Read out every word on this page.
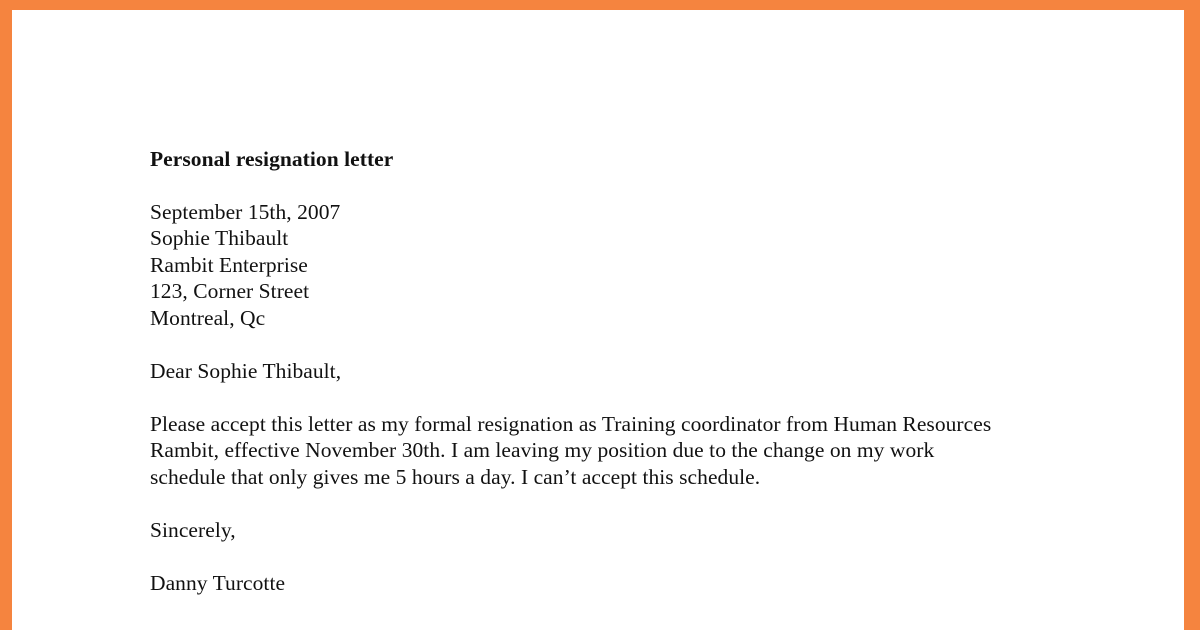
Personal resignation letter
September 15th, 2007
Sophie Thibault
Rambit Enterprise
123, Corner Street
Montreal, Qc
Dear Sophie Thibault,
Please accept this letter as my formal resignation as Training coordinator from Human Resources
Rambit, effective November 30th. I am leaving my position due to the change on my work
schedule that only gives me 5 hours a day. I can’t accept this schedule.
Sincerely,
Danny Turcotte
